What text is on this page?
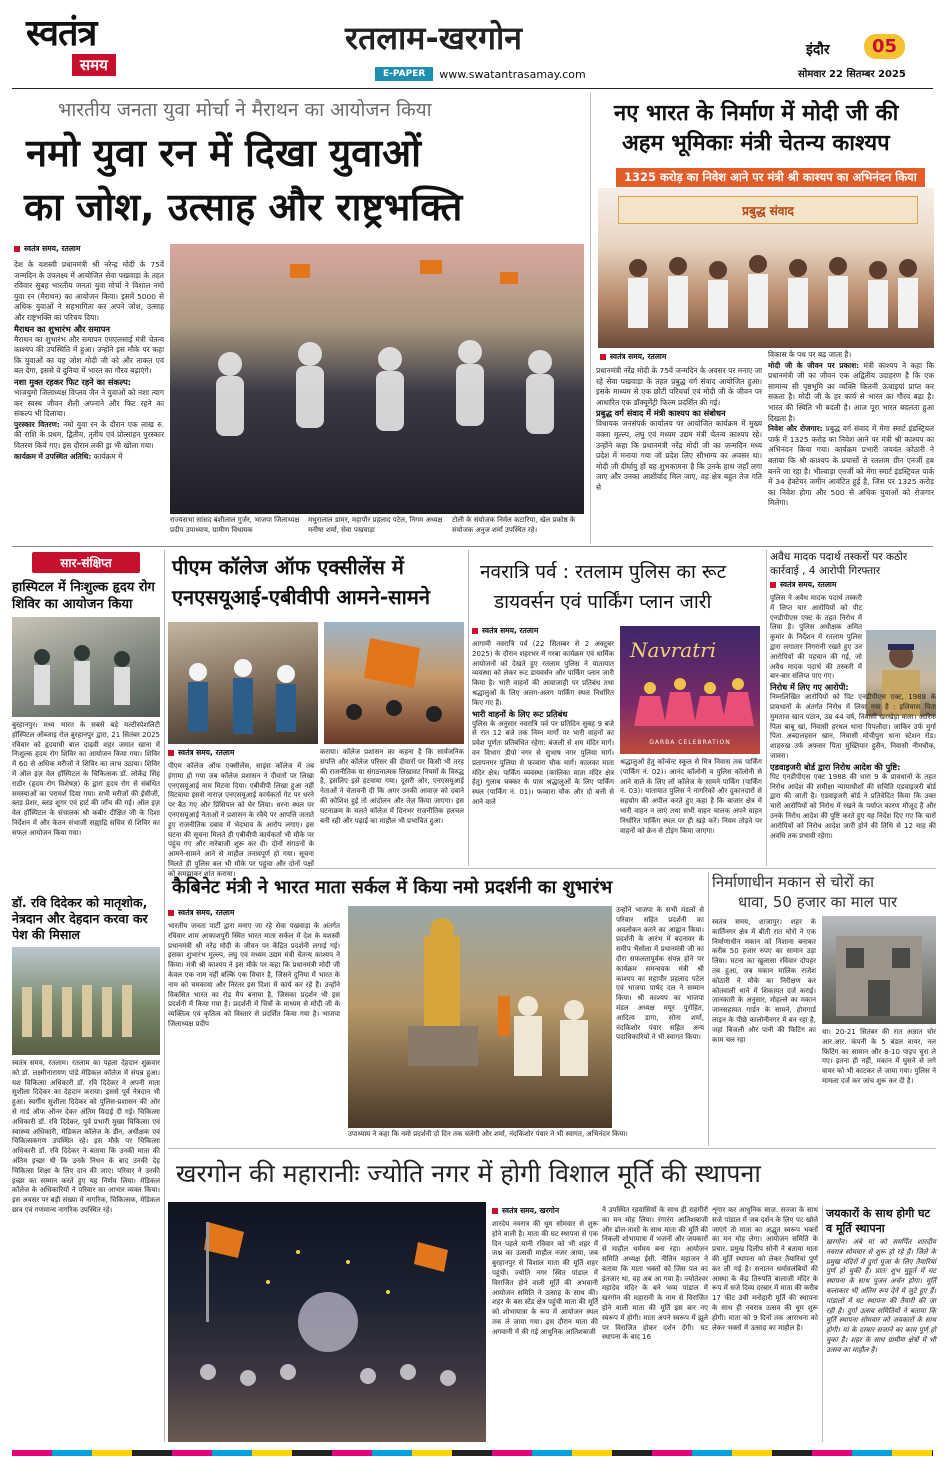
स्वतंत्र
समय
रतलाम-खरगोन
E-PAPER	www.swatantrasamay.com
इंदौर	05
सोमवार 22 सितम्बर 2025
भारतीय जनता युवा मोर्चा ने मैराथन का आयोजन किया
नमो युवा रन में दिखा युवाओं
का जोश, उत्साह और राष्ट्रभक्ति
स्वतंत्र समय, रतलाम

देश के यशस्वी प्रधानमंत्री श्री नरेन्द्र मोदी के 75वें जन्मदिन के उपलक्ष्य में आयोजित सेवा पखवाड़ा के तहत रविवार सुबह भारतीय जनता युवा मोर्चा ने विशाल नमो युवा रन (मैराथन) का आयोजन किया। इसमें 5000 से अधिक युवाओं ने सहभागिता कर अपने जोश, उत्साह और राष्ट्रभक्ति का परिचय दिया।

मैराथन का शुभारंभ और समापन

मैराथन का शुभारंभ और समापन एमएलसाई मंत्री चेतन्य काश्यप की उपस्थिति में हुआ। उन्होंने इस मौके पर कहा कि युवाओं का यह जोश मोदी जी को और ताकत एवं बल देगा, इससे वे दुनिया में भारत का गौरव बढ़ाएंगे।

नशा मुक्त रहकर फिट रहने का संकल्प:

भाजयुमो जिलाध्यक्ष विप्लव जैन ने युवाओं को नशा त्याग कर स्वस्थ जीवन शैली अपनाने और फिट रहने का संकल्प भी दिलाया।

पुरस्कार वितरण: नमो युवा रन के दौरान एक लाख रु. की राशि के प्रथम, द्वितीय, तृतीय एवं प्रोत्साहन पुरस्कार वितरण किये गए। इस दौरान लकी ड्रा भी खोला गया।

कार्यक्रम में उपस्थित अतिथि: कार्यक्रम में

राज्यसभा सांसद बंशीलाल गुर्जर, भाजपा जिलाध्यक्ष प्रदीप उपाध्याय, ग्रामीण विधायक

मथुरालाल डामर, महापौर प्रहलाद पटेल, निगम अध्यक्ष मनीषा शर्मा, सेवा पखवाड़ा

टोली के संयोजक निर्मल कटारिया, खेल प्रकोष्ठ के संयोजक अनुज शर्मा उपस्थित रहे।

नए भारत के निर्माण में मोदी जी की
अहम भूमिकाः मंत्री चेतन्य काश्यप
1325 करोड़ का निवेश आने पर मंत्री श्री काश्यप का अभिनंदन किया
प्रबुद्ध संवाद
स्वतंत्र समय, रतलाम

प्रधानमंत्री नरेंद्र मोदी के 75वें जन्मदिन के अवसर पर मनाए जा रहे सेवा पखवाड़ा के तहत प्रबुद्ध वर्ग संवाद आयोजित हुआ। इसके माध्यम से एक छोटी परिचर्चा एवं मोदी जी के जीवन पर आधारित एक डॉक्यूमेंट्री फिल्म प्रदर्शित की गई।

प्रबुद्ध वर्ग संवाद में मंत्री काश्यप का संबोधन

विधायक जनसंपर्क कार्यालय पर आयोजित कार्यक्रम में मुख्य वक्ता मूल्ल्प, लघु एवं मध्यम उद्यम मंत्री चेतन्य काश्यप रहे। उन्होंने कहा कि प्रधानमंत्री नरेंद्र मोदी जी का जन्मदिन मध्य प्रदेश में मनाया गया जो प्रदेश लिए सौभाग्य का अवसर था। मोदी जी दीर्घायु हों यह शुभकामना है कि उनके हाथ जहाँ लगा जाए और उनका आशीर्वाद मिल जाए, वह क्षेत्र बहुत तेज गति से

विकास के पथ पर बढ़ जाता है।

मोदी जी के जीवन पर प्रकाश: मंत्री काश्यप ने कहा कि प्रधानमंत्री जी का जीवन एक अद्वितीय उदाहरण है कि एक सामान्य सी पृष्ठभूमि का व्यक्ति कितनी ऊंचाइयां प्राप्त कर सकता है। मोदी जी के हर कार्य से भारत का गौरव बढ़ा है। भारत की स्थिति भी बदली है। आज पूरा भारत बदलता हुआ दिखता है।

निवेश और रोजगार: प्रबुद्ध वर्ग संवाद में मेगा स्मार्ट इंडस्ट्रियल पार्क में 1325 करोड़ का निवेश आने पर मंत्री श्री काश्यप का अभिनंदन किया गया। कार्यक्रम प्रभारी जयवंत कोठारी ने बताया कि श्री काश्यप के प्रयासों से रतलाम ग्रीन एनर्जी हब बनने जा रहा है। भील्वाड़ा एनर्जी को मेगा स्मार्ट इंडस्ट्रियल पार्क में 34 हेक्टेयर जमीन आवंटित हुई है, जिस पर 1325 करोड़ का निवेश होगा और 500 से अधिक युवाओं को रोजगार मिलेगा।

सार-संक्षिप्त
हास्पिटल में निःशुल्क हृदय रोग शिविर का आयोजन किया

बुरहानपुर। मध्य भारत के सबसे बड़े मल्टीस्पेशलिटी हॉस्पिटल ऑब्जाइ रोल बुरहानपुर द्वारा, 21 सितंबर 2025 रविवार को हृदयाघी बाल दाढ़वी शहर जमात खाना में निःशुल्क हृदय रोग शिविर का आयोजन किया गया। शिविर में 60 से अधिक मरीजों ने शिविर का लाभ उठाया। शिविर में ऑल इज़ वेल हॉस्पिटल के चिकित्सक डॉ. लोकेंद्र सिंह राठौर (हृदय रोग विशेषज्ञ) के द्वारा हृदय रोग से संबंधित समस्याओं का परामर्श दिया गया। सभी मरीजों की ईसीजी, ब्लड प्रेशर, ब्लड शुगर एवं हार्ट की जाँच की गई। ऑल इज़ वेल हॉस्पिटल के संचालक श्री कबीर दीक्षित जी के दिशा निर्देशन में और केतन संभाजी सह्याद्रि सचिव से शिविर का सफल आयोजन किया गया।

डॉ. रवि दिदेकर को मातृशोक, नेत्रदान और देहदान करवा कर पेश की मिसाल

स्वतंत्र समय, रतलाम। रतलाम का पहला देहदान शुक्रवार को डॉ. लक्ष्मीनारायण पांडे मेडिकल कॉलेज में संपन्न हुआ। यश चिकित्सा अधिकारी डॉ. रवि दिदेकर ने अपनी माता सुशीला दिदेकर का देहदान कराया। इससे पूर्व नेत्रदान भी हुआ। स्वर्गीय सुशीला दिदेकर को पुलिस-प्रशासन की ओर से गार्ड ऑफ ऑनर देकर अंतिम विदाई दी गई। चिकित्सा अधिकारी डॉ. रवि दिदेकर, पूर्व प्रभारी मुख्य चिकित्सा एवं स्वास्थ्य अधिकारी, मेडिकल कॉलेज के डीन, अधीक्षक एवं चिकित्सकगण उपस्थित रहे। इस मौके पर चिकित्सा अधिकारी डॉ. रवि दिदेकर ने बताया कि उनकी माता की अंतिम इच्छा थी कि उनके निधन के बाद उनकी देह चिकित्सा शिक्षा के लिए दान की जाए। परिवार ने उनकी इच्छा का सम्मान करते हुए यह निर्णय लिया। मेडिकल कॉलेज के अधिकारियों ने परिवार का आभार व्यक्त किया। इस अवसर पर बड़ी संख्या में नागरिक, चिकित्सक, मेडिकल छात्र एवं गणमान्य नागरिक उपस्थित रहे।

पीएम कॉलेज ऑफ एक्सीलेंस में
एनएसयूआई-एबीवीपी आमने-सामने
स्वतंत्र समय, रतलाम

पीएम कॉलेज ऑफ एक्सीलेंस, साइंस कॉलेज में तब हंगामा हो गया जब कॉलेज प्रशासन ने दीवारों पर लिखा एनएसयूआई नाम मिटवा दिया। एबीवीपी लिखा हुआ नहीं मिटवाया इससे नाराज़ एनएसयूआई कार्यकर्ता गेट पर धरने पर बैठ गए और प्रिंसिपल को घेर लिया। धरना स्थल पर एनएसयूआई नेताओं ने प्रशासन के रवैये पर आपत्ति जताते हुए राजनीतिक दबाव में भेदभाव के आरोप लगाए। इस घटना की सूचना मिलते ही एबीवीपी कार्यकर्ता भी मौके पर पहुंच गए और नारेबाजी शुरू कर दी। दोनों संगठनों के आमने-सामने आने से माहौल तनावपूर्ण हो गया। सूचना मिलते ही पुलिस बल भी मौके पर पहुंचा और दोनों पक्षों को समझाकर शांत कराया।

कराया। कॉलेज प्रशासन का कहना है कि सार्वजनिक संपत्ति और कॉलेज परिसर की दीवारों पर किसी भी तरह की राजनीतिक या संगठनात्मक लिखावट नियमों के विरुद्ध है, इसलिए इसे हटवाया गया। दूसरी ओर, एनएसयूआई नेताओं ने चेतावनी दी कि अगर उनकी आवाज़ को दबाने की कोशिश हुई तो आंदोलन और तेज़ किया जाएगा। इस घटनाक्रम के चलते कॉलेज में दिनभर राजनीतिक हलचल बनी रही और पढ़ाई का माहौल भी प्रभावित हुआ।

नवरात्रि पर्व : रतलाम पुलिस का रूट
डायवर्सन एवं पार्किंग प्लान जारी
स्वतंत्र समय, रतलाम

आगामी नवरात्रि पर्व (22 सितम्बर से 2 अक्टूबर 2025) के दौरान शहरभर में गरबा कार्यक्रम एवं धार्मिक आयोजनों को देखते हुए रतलाम पुलिस ने यातायात व्यवस्था को लेकर रूट डायवर्सन और पार्किंग प्लान जारी किया है। भारी वाहनों की आवाजाही पर प्रतिबंध तथा श्रद्धालुओं के लिए अलग-अलग पार्किंग स्थल निर्धारित किए गए हैं।

भारी वाहनों के लिए रूट प्रतिबंध

पुलिस के अनुसार नवरात्रि पर्व पर प्रतिदिन सुबह 9 बजे से रात 12 बजे तक निम्न मार्गों पर भारी वाहनों का प्रवेश पूर्णतः प्रतिबंधित रहेगा: बंजली से शम मंदिर मार्ग। वन विभाग डीपो नगर से सुभाष नगर पुलिया मार्ग। प्रतापनगर पुलिया से फव्वारा चौक मार्ग। कालका माता मंदिर क्षेत्र। पार्किंग व्यवस्था (कालिका माता मंदिर क्षेत्र हेतु) गुलाब चक्कर के पास श्रद्धालुओं के लिए पार्किंग स्थल (पार्किंग नं. 01)। फव्वारा चौक और दो बत्ती से आने वाले

Navratri
GARBA CELEBRATION

श्रद्धालुओं हेतु कॉन्वेन्ट स्कूल से मित्र निवास तक पार्किंग (पार्किंग नं. 02)। आनंद कॉलोनी व पुलिस कॉलोनी से आने वाले के लिए लॉ कॉलेज के सामने पार्किंग (पार्किंग नं. 03)। यातायात पुलिस ने नागरिकों और दुकानदारों से सहयोग की अपील करते हुए कहा है कि बाजार क्षेत्र में भारी वाहन न लाएं तथा सभी वाहन चालक अपने वाहन निर्धारित पार्किंग स्थल पर ही खड़े करें। नियम तोड़ने पर वाहनों को क्रेन से टोइंग किया जाएगा।

अवैध मादक पदार्थ तस्करों पर कठोर
कार्रवाई , 4 आरोपी गिरफ्तार
स्वतंत्र समय, रतलाम

पुलिस ने अवैध मादक पदार्थ तस्करी में लिप्त चार आरोपियों को पीट एनडीपीएस एक्ट के तहत निरोध में लिया है। पुलिस अधीक्षक अमित कुमार के निर्देशन में रतलाम पुलिस द्वारा लगातार निगरानी रखते हुए उन आरोपियों की पहचान की गई, जो अवैध मादक पदार्थ की तस्करी में बार-बार संलिप्त पाए गए।

निरोध में लिए गए आरोपी:

निम्नलिखित आरोपियों को पिट एनडीपीएस एक्ट, 1988 के प्रावधानों के अंतर्गत निरोध में लिया गया है : इलियास पिता मुमताज खान पठान, उम्र 44 वर्ष, निवासी खरखेड़ा कला। आरिफ पिता बाबू खां, निवासी हरथल थाना पिपलौदा। जाकिर उर्फ मुर्गा पिता अब्दालहसन खान, निवासी मोचीपुरा थाना स्टेशन रोड। शाहरुख उर्फ अफसर पिता मुख्तियार हुसैन, निवासी नीमचौक, जावरा।

एडवाइजरी बोर्ड द्वारा निरोध आदेश की पुष्टि:

पिट एनडीपीएस एक्ट 1988 की धारा 9 के प्रावधानों के तहत निरोध आदेश की समीक्षा न्यायाधीशों की सचिति एडवाइजरी बोर्ड द्वारा की जाती है। एडवाइजरी बोर्ड ने प्रतिवेदित किया कि उक्त चारों आरोपियों को निरोध में रखने के पर्याप्त कारण मौजूद हैं और उनके निरोध आदेश की पुष्टि करते हुए यह निर्देश दिए गए कि चारों आरोपियों को निरोध आदेश जारी होने की तिथि से 12 माह की अवधि तक प्रभावी रहेगा।

कैबिनेट मंत्री ने भारत माता सर्कल में किया नमो प्रदर्शनी का शुभारंभ
स्वतंत्र समय, रतलाम

भारतीय जनता पार्टी द्वारा मनाए जा रहे सेवा पखवाड़ा के अंतर्गत रविवार शाम आकाशपुरी स्थित भारत माता सर्कल में देश के यशस्वी प्रधानमंत्री श्री नरेंद्र मोदी के जीवन पर केंद्रित प्रदर्शनी लगाई गई। इसका शुभारंभ मूल्ल्प, लघु एवं मध्यम उद्यम मंत्री चेतन्य काश्यप ने किया। मंत्री श्री काश्यप ने इस मौके पर कहा कि प्रधानमंत्री मोदी जी केवल एक नाम नहीं बल्कि एक विचार है, जिसने दुनिया में भारत के नाम को चमकाया और निरंतर इस दिशा में कार्य कर रहे हैं। उन्होंने विकसित भारत का रोड मैप बनाया है, जिसका प्रदर्शन भी इस प्रदर्शनी में किया गया है। प्रदर्शनी में चित्रों के माध्यम से मोदी जी के व्यक्तित्व एवं कृतित्व को विस्तार से प्रदर्शित किया गया है। भाजपा जिलाध्यक्ष प्रदीप

उपाध्याय ने कहा कि नमो प्रदर्शनी दो दिन तक चलेगी और शर्मा, नंदकिशोर पंवार ने भी स्वागत, अभिनंदन किया।

उन्होंने भाजपा के सभी मंडलों से परिवार सहित प्रदर्शनी का अवलोकन करने का आह्वान किया। प्रदर्शनी के आरंभ में बदनावर के समीप भैंसोला में प्रधानमंत्री जी का दौरा सफलतापूर्वक संपन्न होने पर कार्यक्रम समन्वयक मंत्री श्री काश्यप का महापौर प्रहलाद पटेल एवं भाजपा पार्षद दल ने सम्मान किया। श्री काश्यप का भाजपा मंडल अध्यक्ष मयूर पुरोहित, आदित्य डागा, सोना शर्मा, नंदकिशोर पंवार सहित अन्य पदाधिकारियों ने भी स्वागत किया।

निर्माणाधीन मकान से चोरों का
धावा, 50 हजार का माल पार

स्वतंत्र समय, शाजापुर। शहर के कार्तिनगर क्षेत्र में बीती रात चोरों ने एक निर्माणाधीन मकान को निशाना बनाकर करीब 50 हजार रुपए का सामान उड़ा लिया। घटना का खुलासा रविवार दोपहर तब हुआ, जब मकान मालिक राजेश कोठारी ने मौके का निरीक्षण कर कोतवाली थाने में शिकायत दर्ज कराई। जानकारी के अनुसार, मोहल्ले का मकान जानसहायत गार्डन के सामने, होमगार्ड लाइन के पीछे कालोनीनगर में बन रहा है, जहां बिजली और पानी की फिटिंग का काम चल रहा

था। 20-21 सितंबर की रात अज्ञात चोर आर.आर. कंपनी के 5 बंडल वायर, नल फिटिंग का सामान और 8-10 पाइप चुरा ले गए। इतना ही नहीं, मकान में घुसने से लगे वायर को भी काटकर ले जाया गया। पुलिस ने मामला दर्ज कर जांच शुरू कर दी है।

खरगोन की महारानीः ज्योति नगर में होगी विशाल मूर्ति की स्थापना
स्वतंत्र समय, खरगोन

शारदेय नवरात्र की धूम सोमवार से शुरू होने वाली है। माता की घट स्थापना से एक दिन पहले यानी रविवार को भी शहर में जश्न का उत्सवी माहौल नजर आया, जब बुरहानपुर से विशाल माता की मूर्ति शहर पहुंची। ज्योति नगर स्थित पांडाल में विराजित होने वाली मूर्ति की अभवानी आयोजन समिति ने उत्साह के साथ की। शहर के बस स्टेंड क्षेत्र पहुंची माता की मूर्ति को शोभायात्रा के रूप में आयोजन स्थल तक ले जाया गया। इस दौरान माता की अगवानी में की गई आधुनिक आतिशबाजी

ने उपस्थित रहवासियों के साथ ही राहगीरों का मन मोह लिया। रंगारंग आतिशबाजी और ढोल-ताशों के साथ माता की मूर्ति की निकली शोभायात्रा में भजनों और जयकारों से माहौल धर्ममय बना रहा। आयोजन समिति अध्यक्ष ईसी. नीतिन महाजन ने बताया कि माता भक्तों को जिस पल का इंतजार था, वह अब आ गया है। ज्योतेश्वर महादेव मंदिर के बने भव्य पांडाल में खरगोन की महारानी के नाम से विराजित होने वाली माता की मूर्ति इस बार नए स्वरूप में होगी। माता अपने स्वरूप में झूले पर विराजित होकर दर्शन देंगी। घट स्थापना के बाद 16

शृंगार कर आधुनिक साज. सज्जा के साथ सजे पांडाल में जब दर्शन के लिए पट खोले जाएंगे तो माता का अद्भुत स्वरूप भक्तों का मन मोह लेगा। आयोजन समिति के प्रचार. प्रमुख दिलीप सोनी ने बताया माता की मूर्ति स्थापना को लेकर तैयारियां पूर्ण कर ली गई है। सनातन धर्मावलंबियों की आस्था के केंद्र तिरुपति बालाजी मंदिर के रूप में सजे दिव्य दरबार में माता की करीब 17 फीट उंची मनोहारी मूर्ति की स्थापना के साथ ही नवरात्र उत्सव की धूम शुरू होगी। माता को 9 दिनों तक आराधना को लेकर भक्तों में उत्साह का माहौल है।

जयकारों के साथ होगी घट व मूर्ति स्थापना

खरगोन। अंबे मां को समर्पित शारदीय नवरात्र सोमवार से शुरू हो रहे हैं। जिले के प्रमुख मंदिरों में दुर्गा पूजा के लिए तैयारियां पूर्ण हो चुकी हैं। प्रातः शुभ मुहूर्त में घट स्थापना के साथ पूजन अर्चन होगा। मूर्ति कलाकार भी अंतिम रूप देने में जुटे हुए हैं। पांडालों में घट स्थापना की तैयारी की जा रही है। दुर्गा उत्सव समितियों ने बताया कि मूर्ति स्थापना सोमवार को जयकारों के साथ होगी। मां के दरबार सजाने का काम पूर्ण हो चुका है। शहर के साथ ग्रामीण क्षेत्रों में भी उत्सव का माहौल है।
